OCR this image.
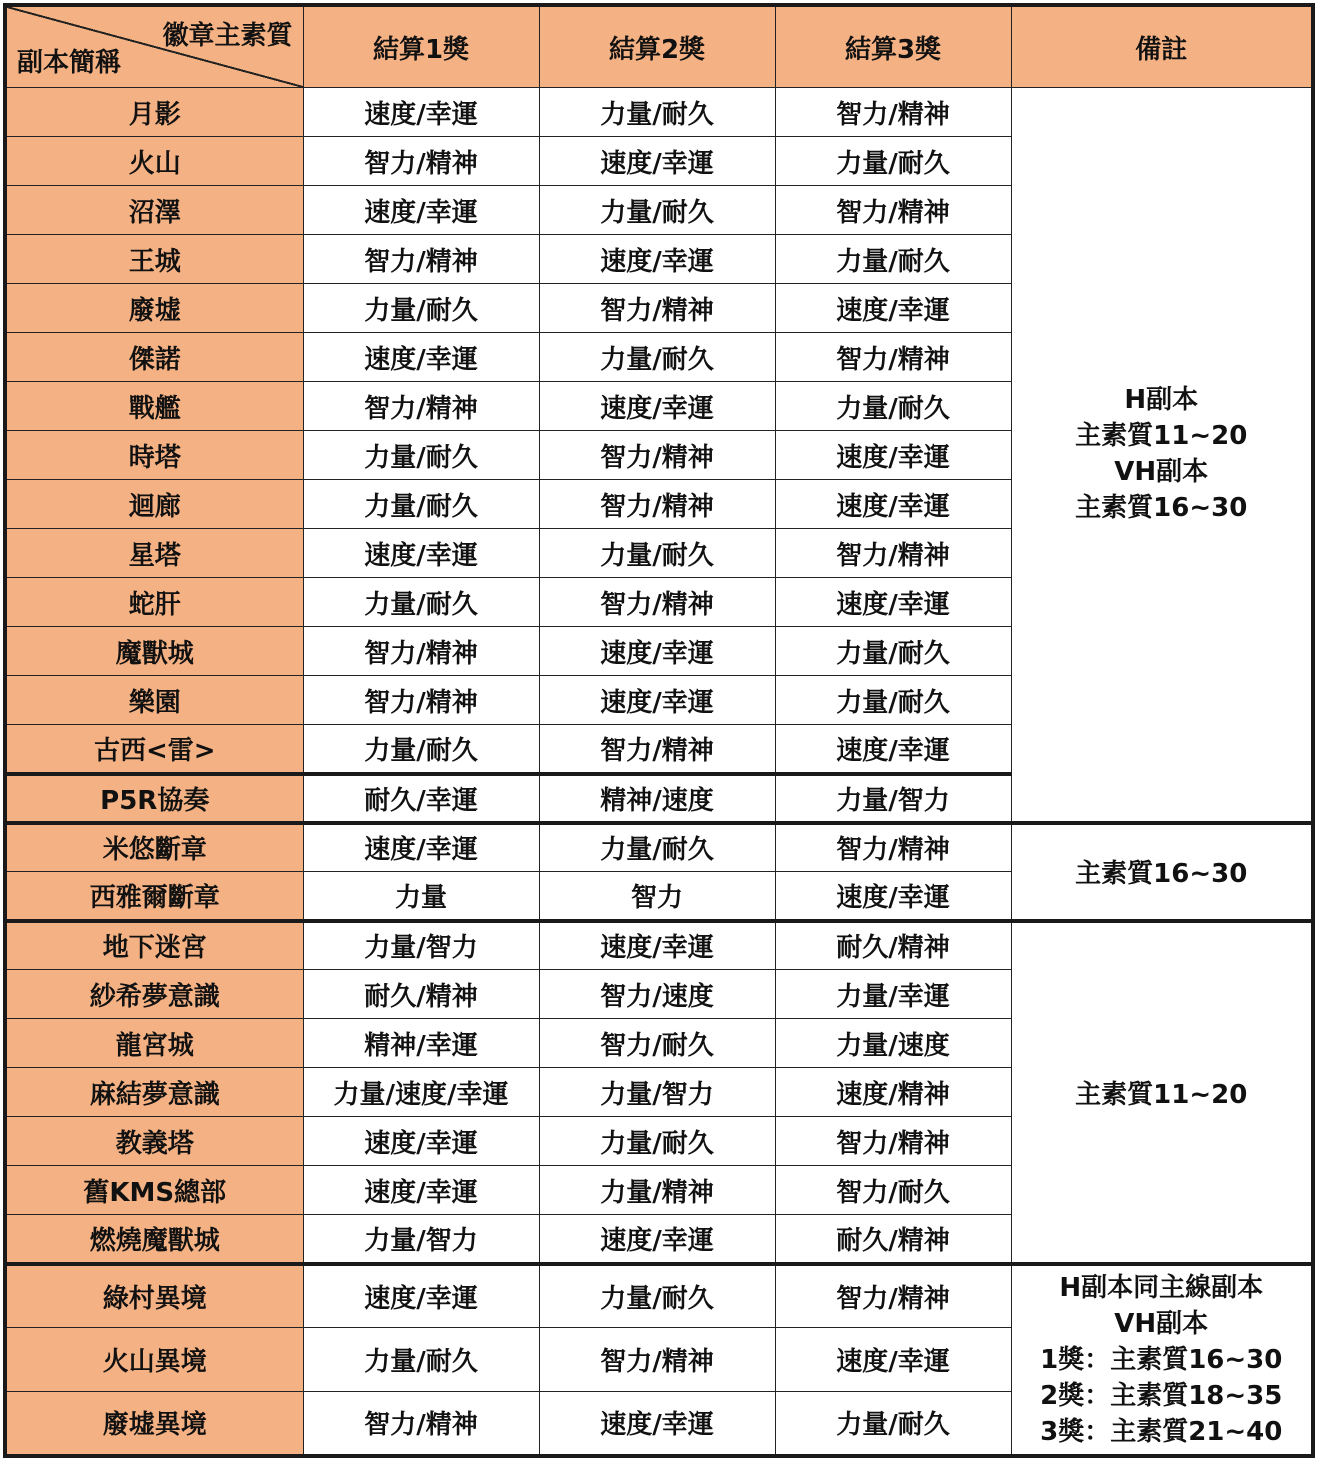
徽章主素質
副本簡稱	結算1獎	結算2獎	結算3獎	備註
月影	速度/幸運	力量/耐久	智力/精神	H副本
主素質11~20
VH副本
主素質16~30

火山	智力/精神	速度/幸運	力量/耐久	
沼澤	速度/幸運	力量/耐久	智力/精神	
王城	智力/精神	速度/幸運	力量/耐久	
廢墟	力量/耐久	智力/精神	速度/幸運	
傑諾	速度/幸運	力量/耐久	智力/精神	
戰艦	智力/精神	速度/幸運	力量/耐久	
時塔	力量/耐久	智力/精神	速度/幸運	
迴廊	力量/耐久	智力/精神	速度/幸運	
星塔	速度/幸運	力量/耐久	智力/精神	
蛇肝	力量/耐久	智力/精神	速度/幸運	
魔獸城	智力/精神	速度/幸運	力量/耐久	
樂園	智力/精神	速度/幸運	力量/耐久	
古西<雷>	力量/耐久	智力/精神	速度/幸運	
P5R協奏	耐久/幸運	精神/速度	力量/智力	
米悠斷章	速度/幸運	力量/耐久	智力/精神	主素質16~30
西雅爾斷章	力量	智力	速度/幸運	
地下迷宮	力量/智力	速度/幸運	耐久/精神	主素質11~20
紗希夢意識	耐久/精神	智力/速度	力量/幸運	
龍宮城	精神/幸運	智力/耐久	力量/速度	
麻結夢意識	力量/速度/幸運	力量/智力	速度/精神	
教義塔	速度/幸運	力量/耐久	智力/精神	
舊KMS總部	速度/幸運	力量/精神	智力/耐久	
燃燒魔獸城	力量/智力	速度/幸運	耐久/精神	
綠村異境	速度/幸運	力量/耐久	智力/精神	H副本同主線副本
VH副本
1獎：主素質16~30
2獎：主素質18~35
3獎：主素質21~40

火山異境	力量/耐久	智力/精神	速度/幸運	
廢墟異境	智力/精神	速度/幸運	力量/耐久	
